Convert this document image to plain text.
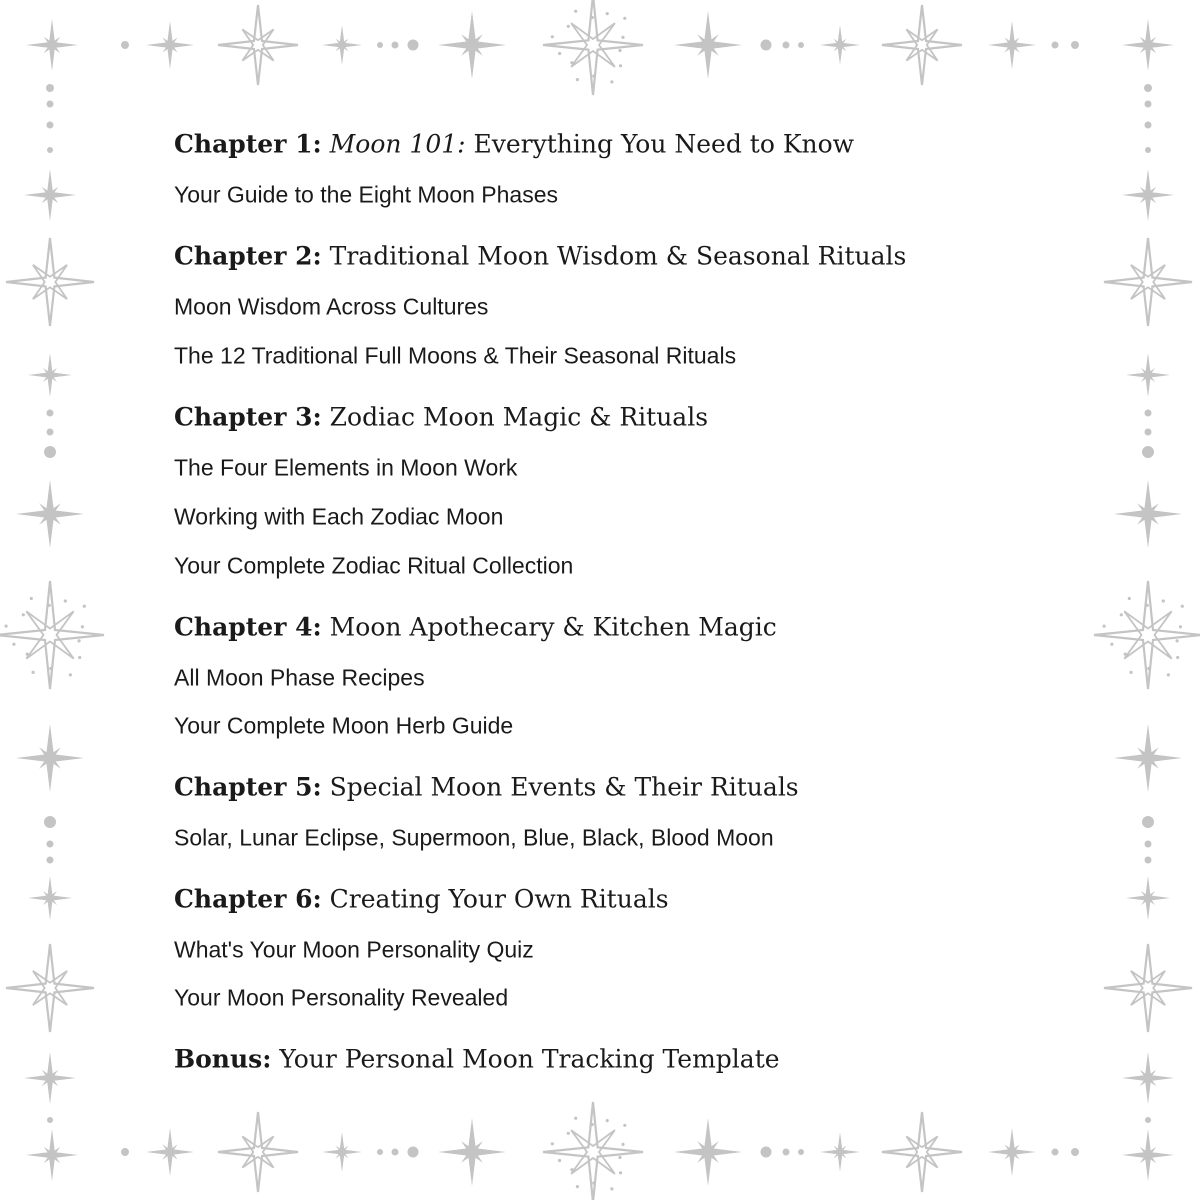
Chapter 1: Moon 101: Everything You Need to Know
Your Guide to the Eight Moon Phases
Chapter 2: Traditional Moon Wisdom & Seasonal Rituals
Moon Wisdom Across Cultures
The 12 Traditional Full Moons & Their Seasonal Rituals
Chapter 3: Zodiac Moon Magic & Rituals
The Four Elements in Moon Work
Working with Each Zodiac Moon
Your Complete Zodiac Ritual Collection
Chapter 4: Moon Apothecary & Kitchen Magic
All Moon Phase Recipes
Your Complete Moon Herb Guide
Chapter 5: Special Moon Events & Their Rituals
Solar, Lunar Eclipse, Supermoon, Blue, Black, Blood Moon
Chapter 6: Creating Your Own Rituals
What's Your Moon Personality Quiz
Your Moon Personality Revealed
Bonus: Your Personal Moon Tracking Template
